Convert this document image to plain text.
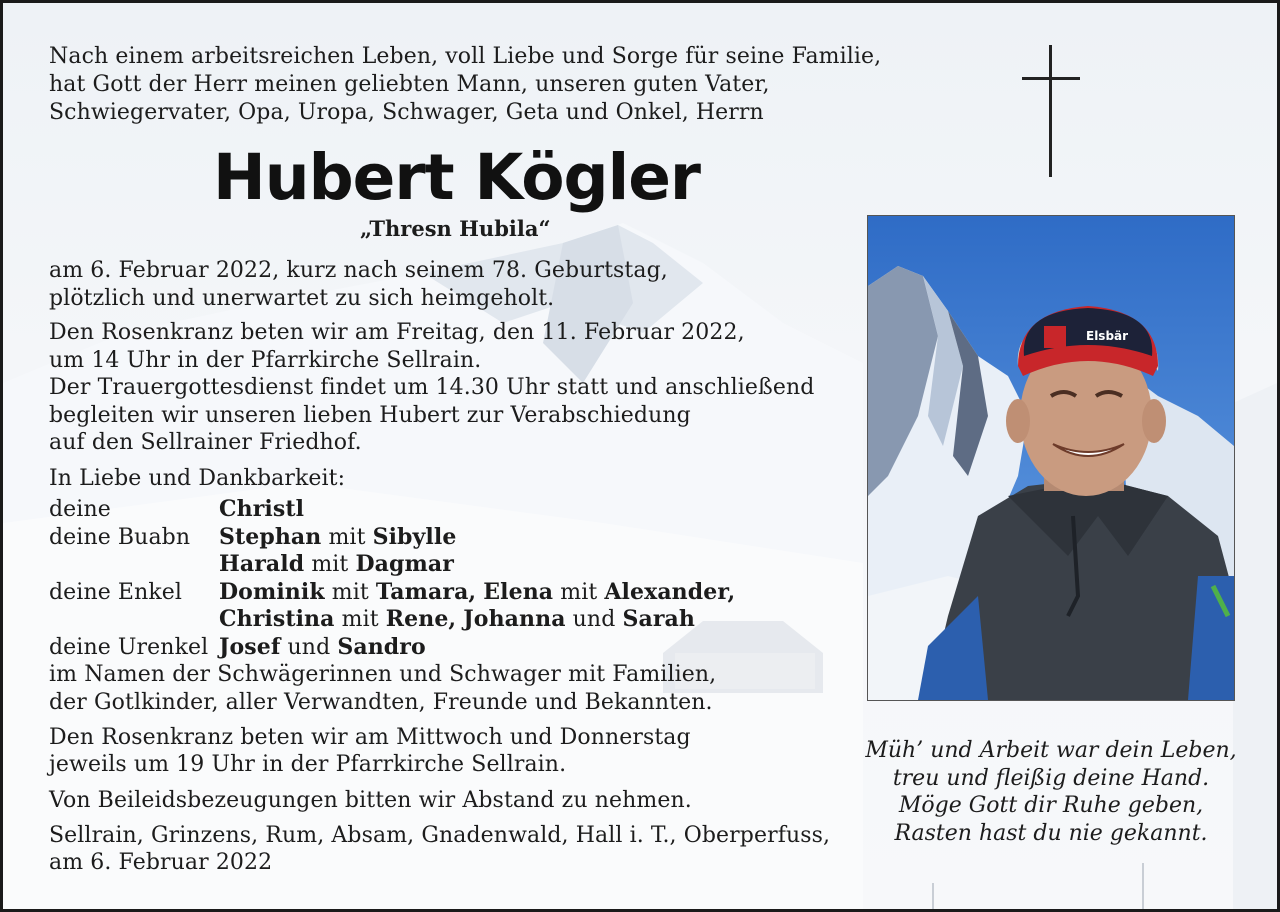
Nach einem arbeitsreichen Leben, voll Liebe und Sorge für seine Familie,
hat Gott der Herr meinen geliebten Mann, unseren guten Vater,
Schwiegervater, Opa, Uropa, Schwager, Geta und Onkel, Herrn
Hubert Kögler
„Thresn Hubila“
am 6. Februar 2022, kurz nach seinem 78. Geburtstag,
plötzlich und unerwartet zu sich heimgeholt.
Den Rosenkranz beten wir am Freitag, den 11. Februar 2022,
um 14 Uhr in der Pfarrkirche Sellrain.
Der Trauergottesdienst findet um 14.30 Uhr statt und anschließend
begleiten wir unseren lieben Hubert zur Verabschiedung
auf den Sellrainer Friedhof.
In Liebe und Dankbarkeit:
deine	Christl
deine Buabn Stephan mit Sibylle
Harald mit Dagmar
deine Enkel Dominik mit Tamara, Elena mit Alexander,
Christina mit Rene, Johanna und Sarah
deine Urenkel Josef und Sandro
im Namen der Schwägerinnen und Schwager mit Familien,
der Gotlkinder, aller Verwandten, Freunde und Bekannten.
Den Rosenkranz beten wir am Mittwoch und Donnerstag
jeweils um 19 Uhr in der Pfarrkirche Sellrain.
Von Beileidsbezeugungen bitten wir Abstand zu nehmen.
Sellrain, Grinzens, Rum, Absam, Gnadenwald, Hall i. T., Oberperfuss,
am 6. Februar 2022
Elsbär
Müh’ und Arbeit war dein Leben,
treu und fleißig deine Hand.
Möge Gott dir Ruhe geben,
Rasten hast du nie gekannt.
